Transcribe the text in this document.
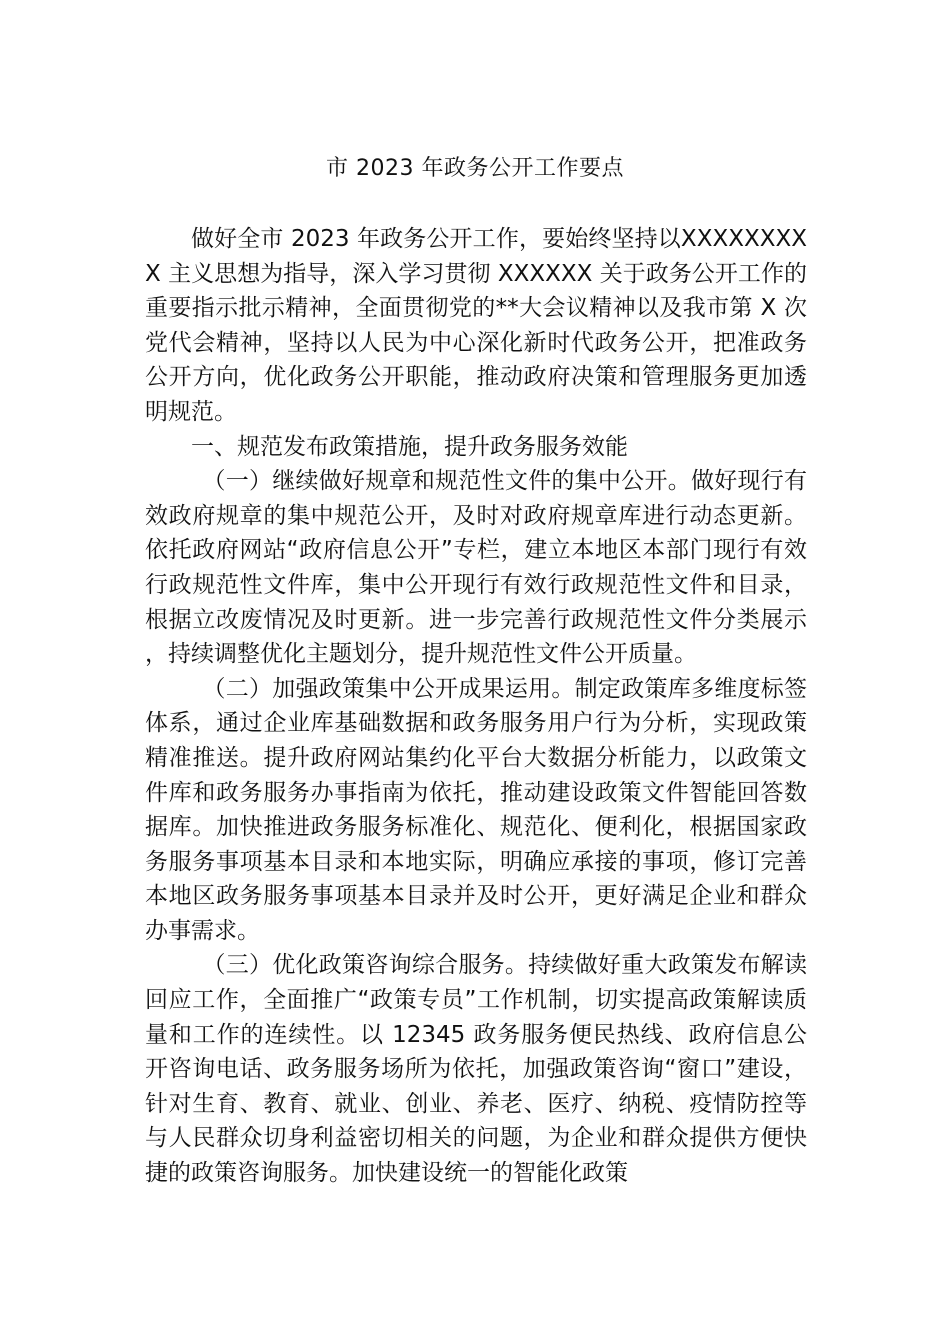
市 2023 年政务公开工作要点

做好全市 2023 年政务公开工作，要始终坚持以XXXXXXXXX 主义思想为指导，深入学习贯彻 XXXXXX 关于政务公开工作的重要指示批示精神，全面贯彻党的**大会议精神以及我市第 X 次党代会精神，坚持以人民为中心深化新时代政务公开，把准政务公开方向，优化政务公开职能，推动政府决策和管理服务更加透明规范。

一、规范发布政策措施，提升政务服务效能

（一）继续做好规章和规范性文件的集中公开。做好现行有效政府规章的集中规范公开，及时对政府规章库进行动态更新。依托政府网站“政府信息公开”专栏，建立本地区本部门现行有效行政规范性文件库，集中公开现行有效行政规范性文件和目录，根据立改废情况及时更新。进一步完善行政规范性文件分类展示，持续调整优化主题划分，提升规范性文件公开质量。

（二）加强政策集中公开成果运用。制定政策库多维度标签体系，通过企业库基础数据和政务服务用户行为分析，实现政策精准推送。提升政府网站集约化平台大数据分析能力，以政策文件库和政务服务办事指南为依托，推动建设政策文件智能回答数据库。加快推进政务服务标准化、规范化、便利化，根据国家政务服务事项基本目录和本地实际，明确应承接的事项，修订完善本地区政务服务事项基本目录并及时公开，更好满足企业和群众办事需求。

（三）优化政策咨询综合服务。持续做好重大政策发布解读回应工作，全面推广“政策专员”工作机制，切实提高政策解读质量和工作的连续性。以 12345 政务服务便民热线、政府信息公开咨询电话、政务服务场所为依托，加强政策咨询“窗口”建设，针对生育、教育、就业、创业、养老、医疗、纳税、疫情防控等与人民群众切身利益密切相关的问题，为企业和群众提供方便快捷的政策咨询服务。加快建设统一的智能化政策
